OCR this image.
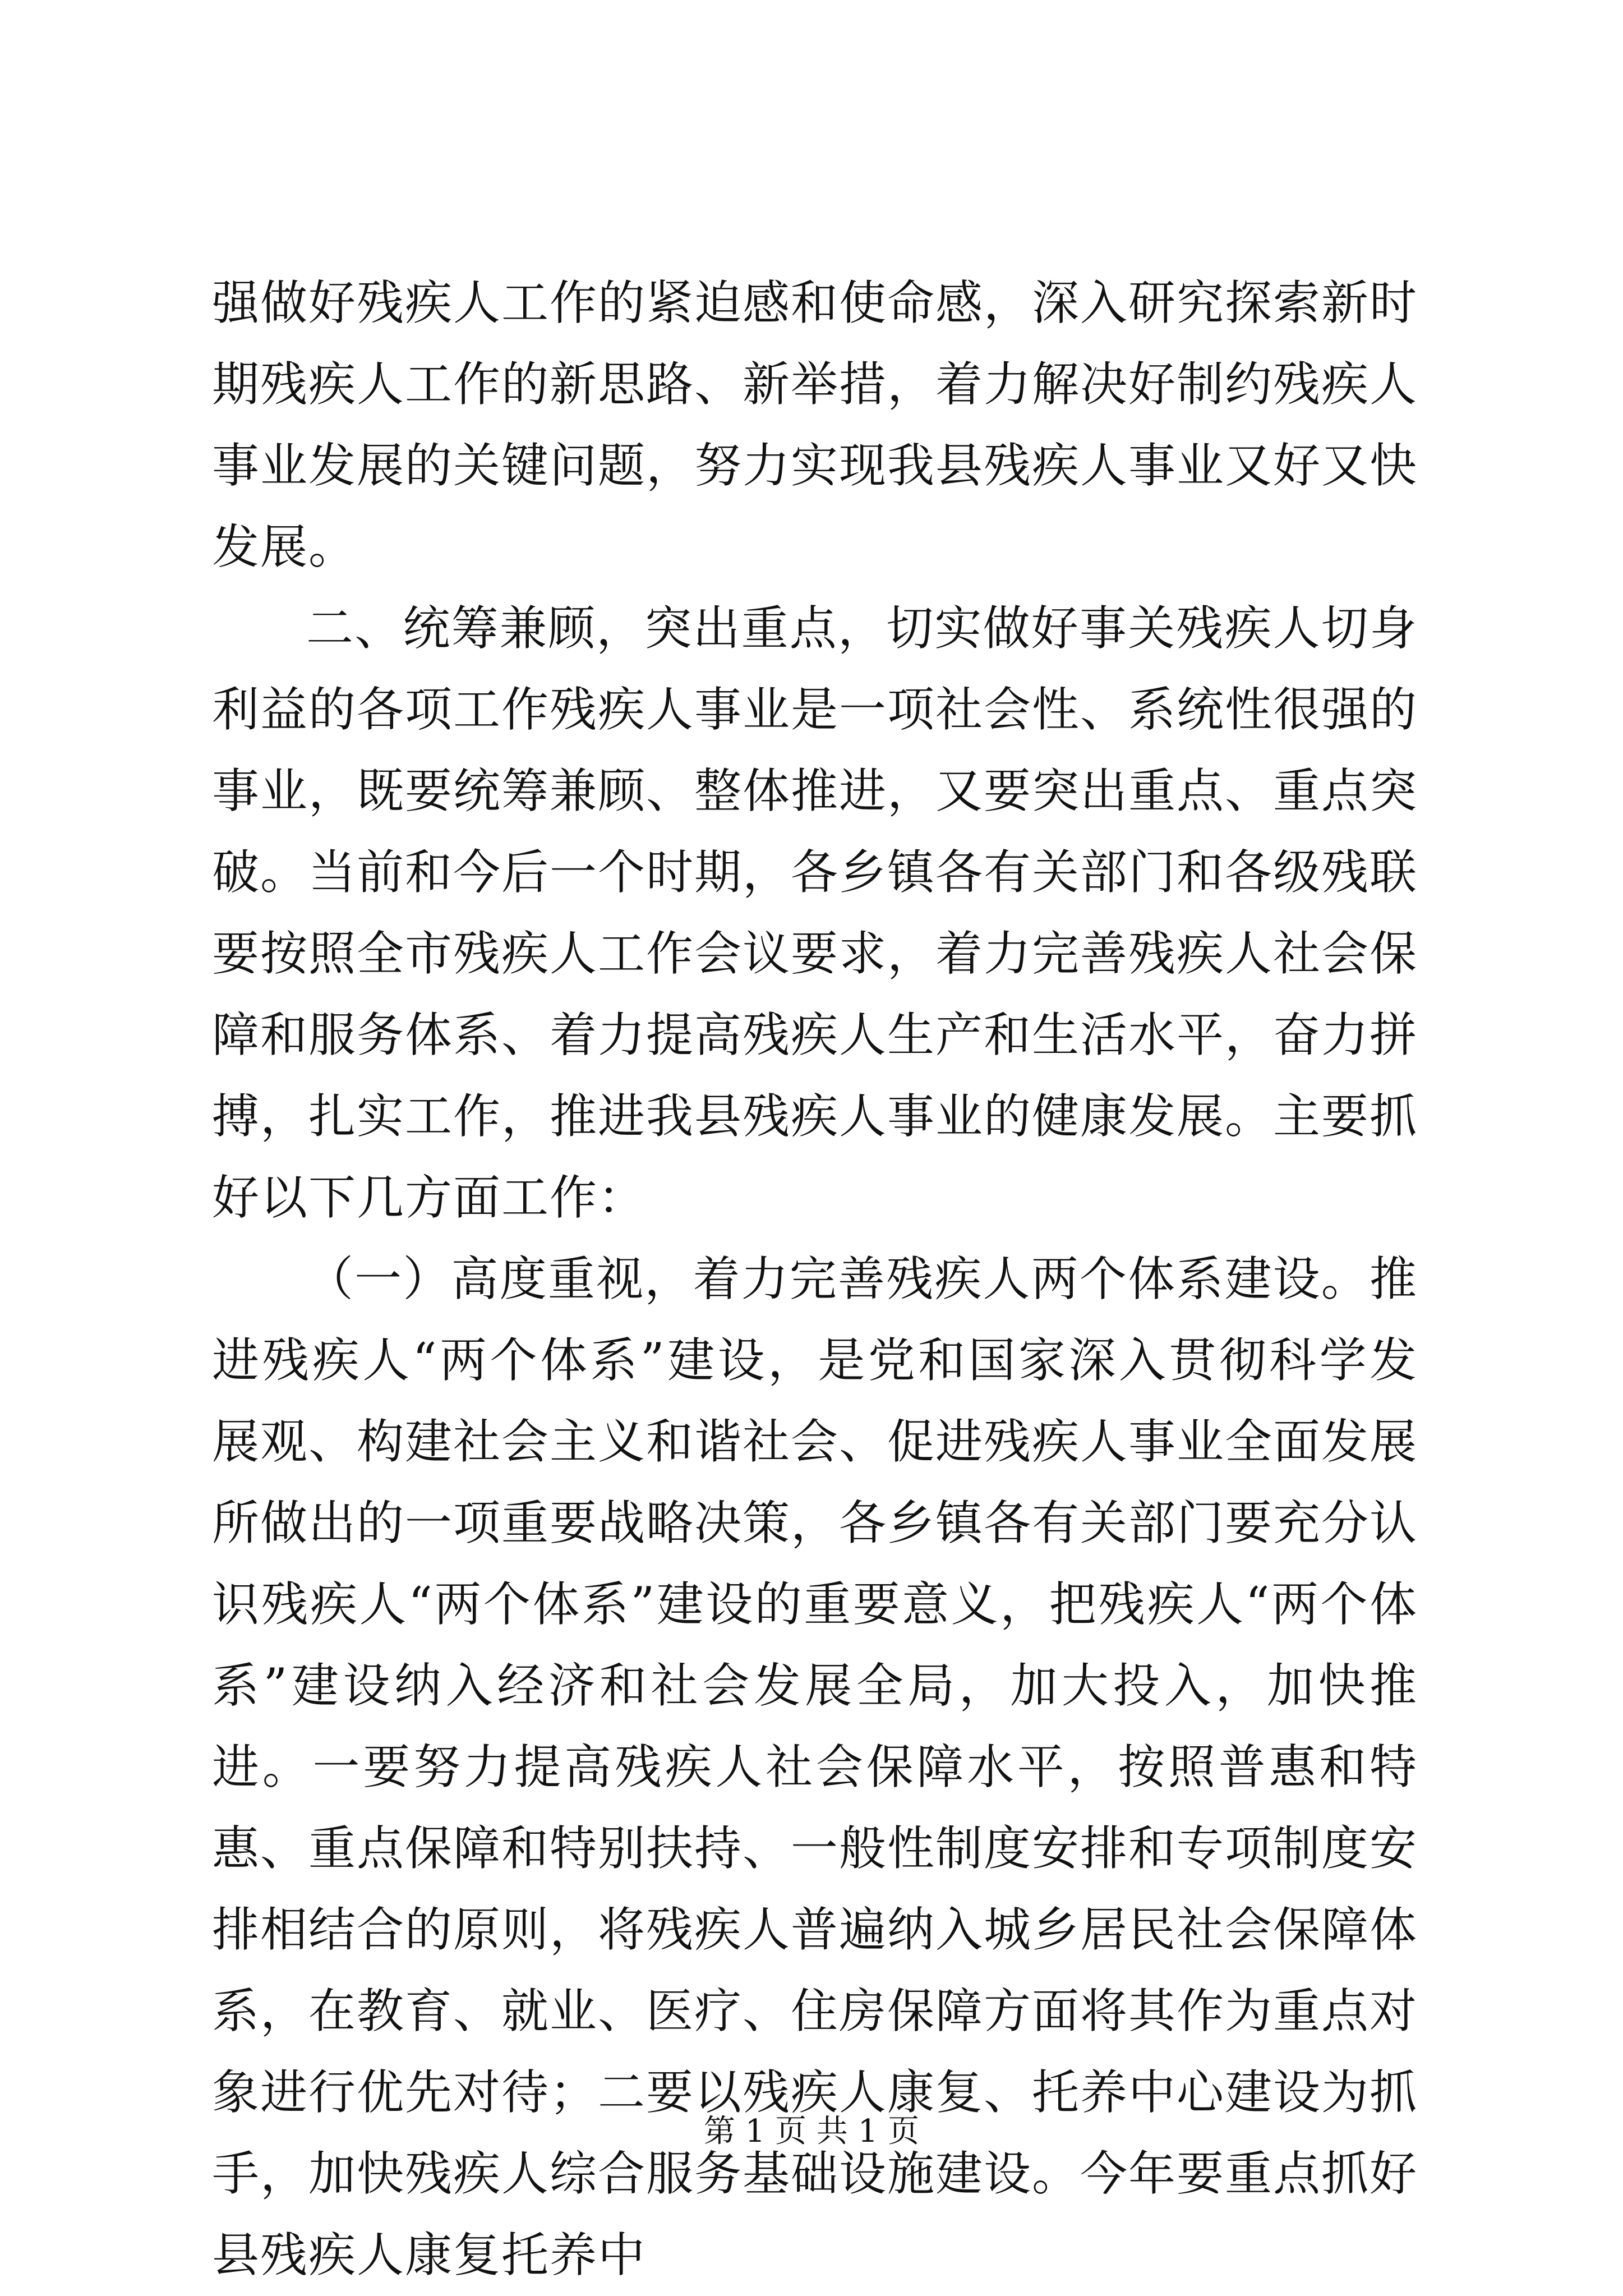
强做好残疾人工作的紧迫感和使命感，深入研究探索新时期残疾人工作的新思路、新举措，着力解决好制约残疾人事业发展的关键问题，努力实现我县残疾人事业又好又快发展。

二、统筹兼顾，突出重点，切实做好事关残疾人切身利益的各项工作残疾人事业是一项社会性、系统性很强的事业，既要统筹兼顾、整体推进，又要突出重点、重点突破。当前和今后一个时期，各乡镇各有关部门和各级残联要按照全市残疾人工作会议要求，着力完善残疾人社会保障和服务体系、着力提高残疾人生产和生活水平，奋力拼搏，扎实工作，推进我县残疾人事业的健康发展。主要抓好以下几方面工作：

（一）高度重视，着力完善残疾人两个体系建设。推进残疾人“两个体系”建设，是党和国家深入贯彻科学发展观、构建社会主义和谐社会、促进残疾人事业全面发展所做出的一项重要战略决策，各乡镇各有关部门要充分认识残疾人“两个体系”建设的重要意义，把残疾人“两个体系”建设纳入经济和社会发展全局，加大投入，加快推进。一要努力提高残疾人社会保障水平，按照普惠和特惠、重点保障和特别扶持、一般性制度安排和专项制度安排相结合的原则，将残疾人普遍纳入城乡居民社会保障体系，在教育、就业、医疗、住房保障方面将其作为重点对象进行优先对待；二要以残疾人康复、托养中心建设为抓手，加快残疾人综合服务基础设施建设。今年要重点抓好县残疾人康复托养中

第 1 页 共 1 页
